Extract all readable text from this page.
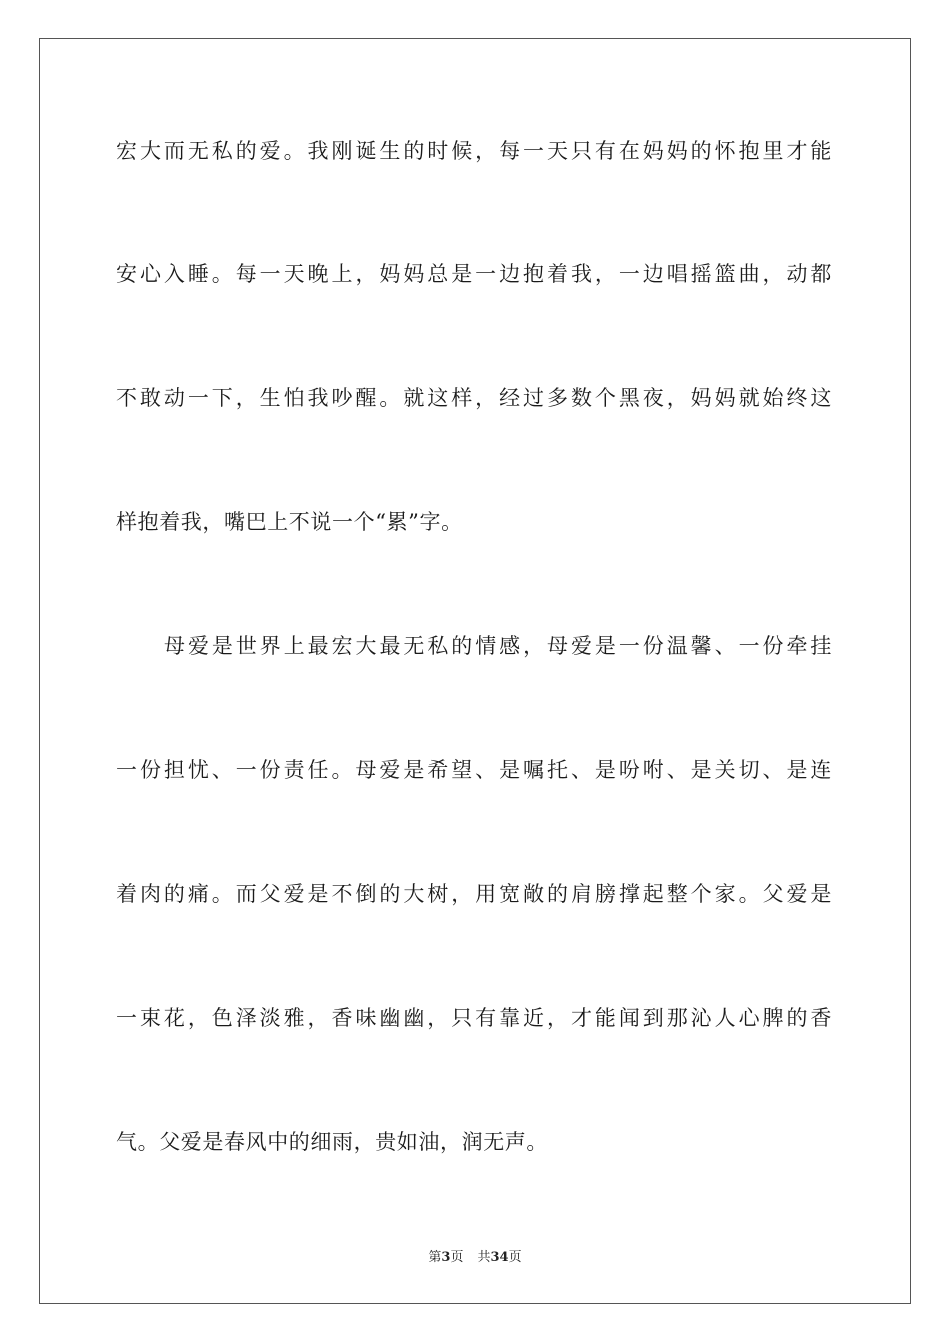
宏大而无私的爱。我刚诞生的时候，每一天只有在妈妈的怀抱里才能
安心入睡。每一天晚上，妈妈总是一边抱着我，一边唱摇篮曲，动都
不敢动一下，生怕我吵醒。就这样，经过多数个黑夜，妈妈就始终这
样抱着我，嘴巴上不说一个“累”字。
母爱是世界上最宏大最无私的情感，母爱是一份温馨、一份牵挂
一份担忧、一份责任。母爱是希望、是嘱托、是吩咐、是关切、是连
着肉的痛。而父爱是不倒的大树，用宽敞的肩膀撑起整个家。父爱是
一束花，色泽淡雅，香味幽幽，只有靠近，才能闻到那沁人心脾的香
气。父爱是春风中的细雨，贵如油，润无声。
第3页 共34页
